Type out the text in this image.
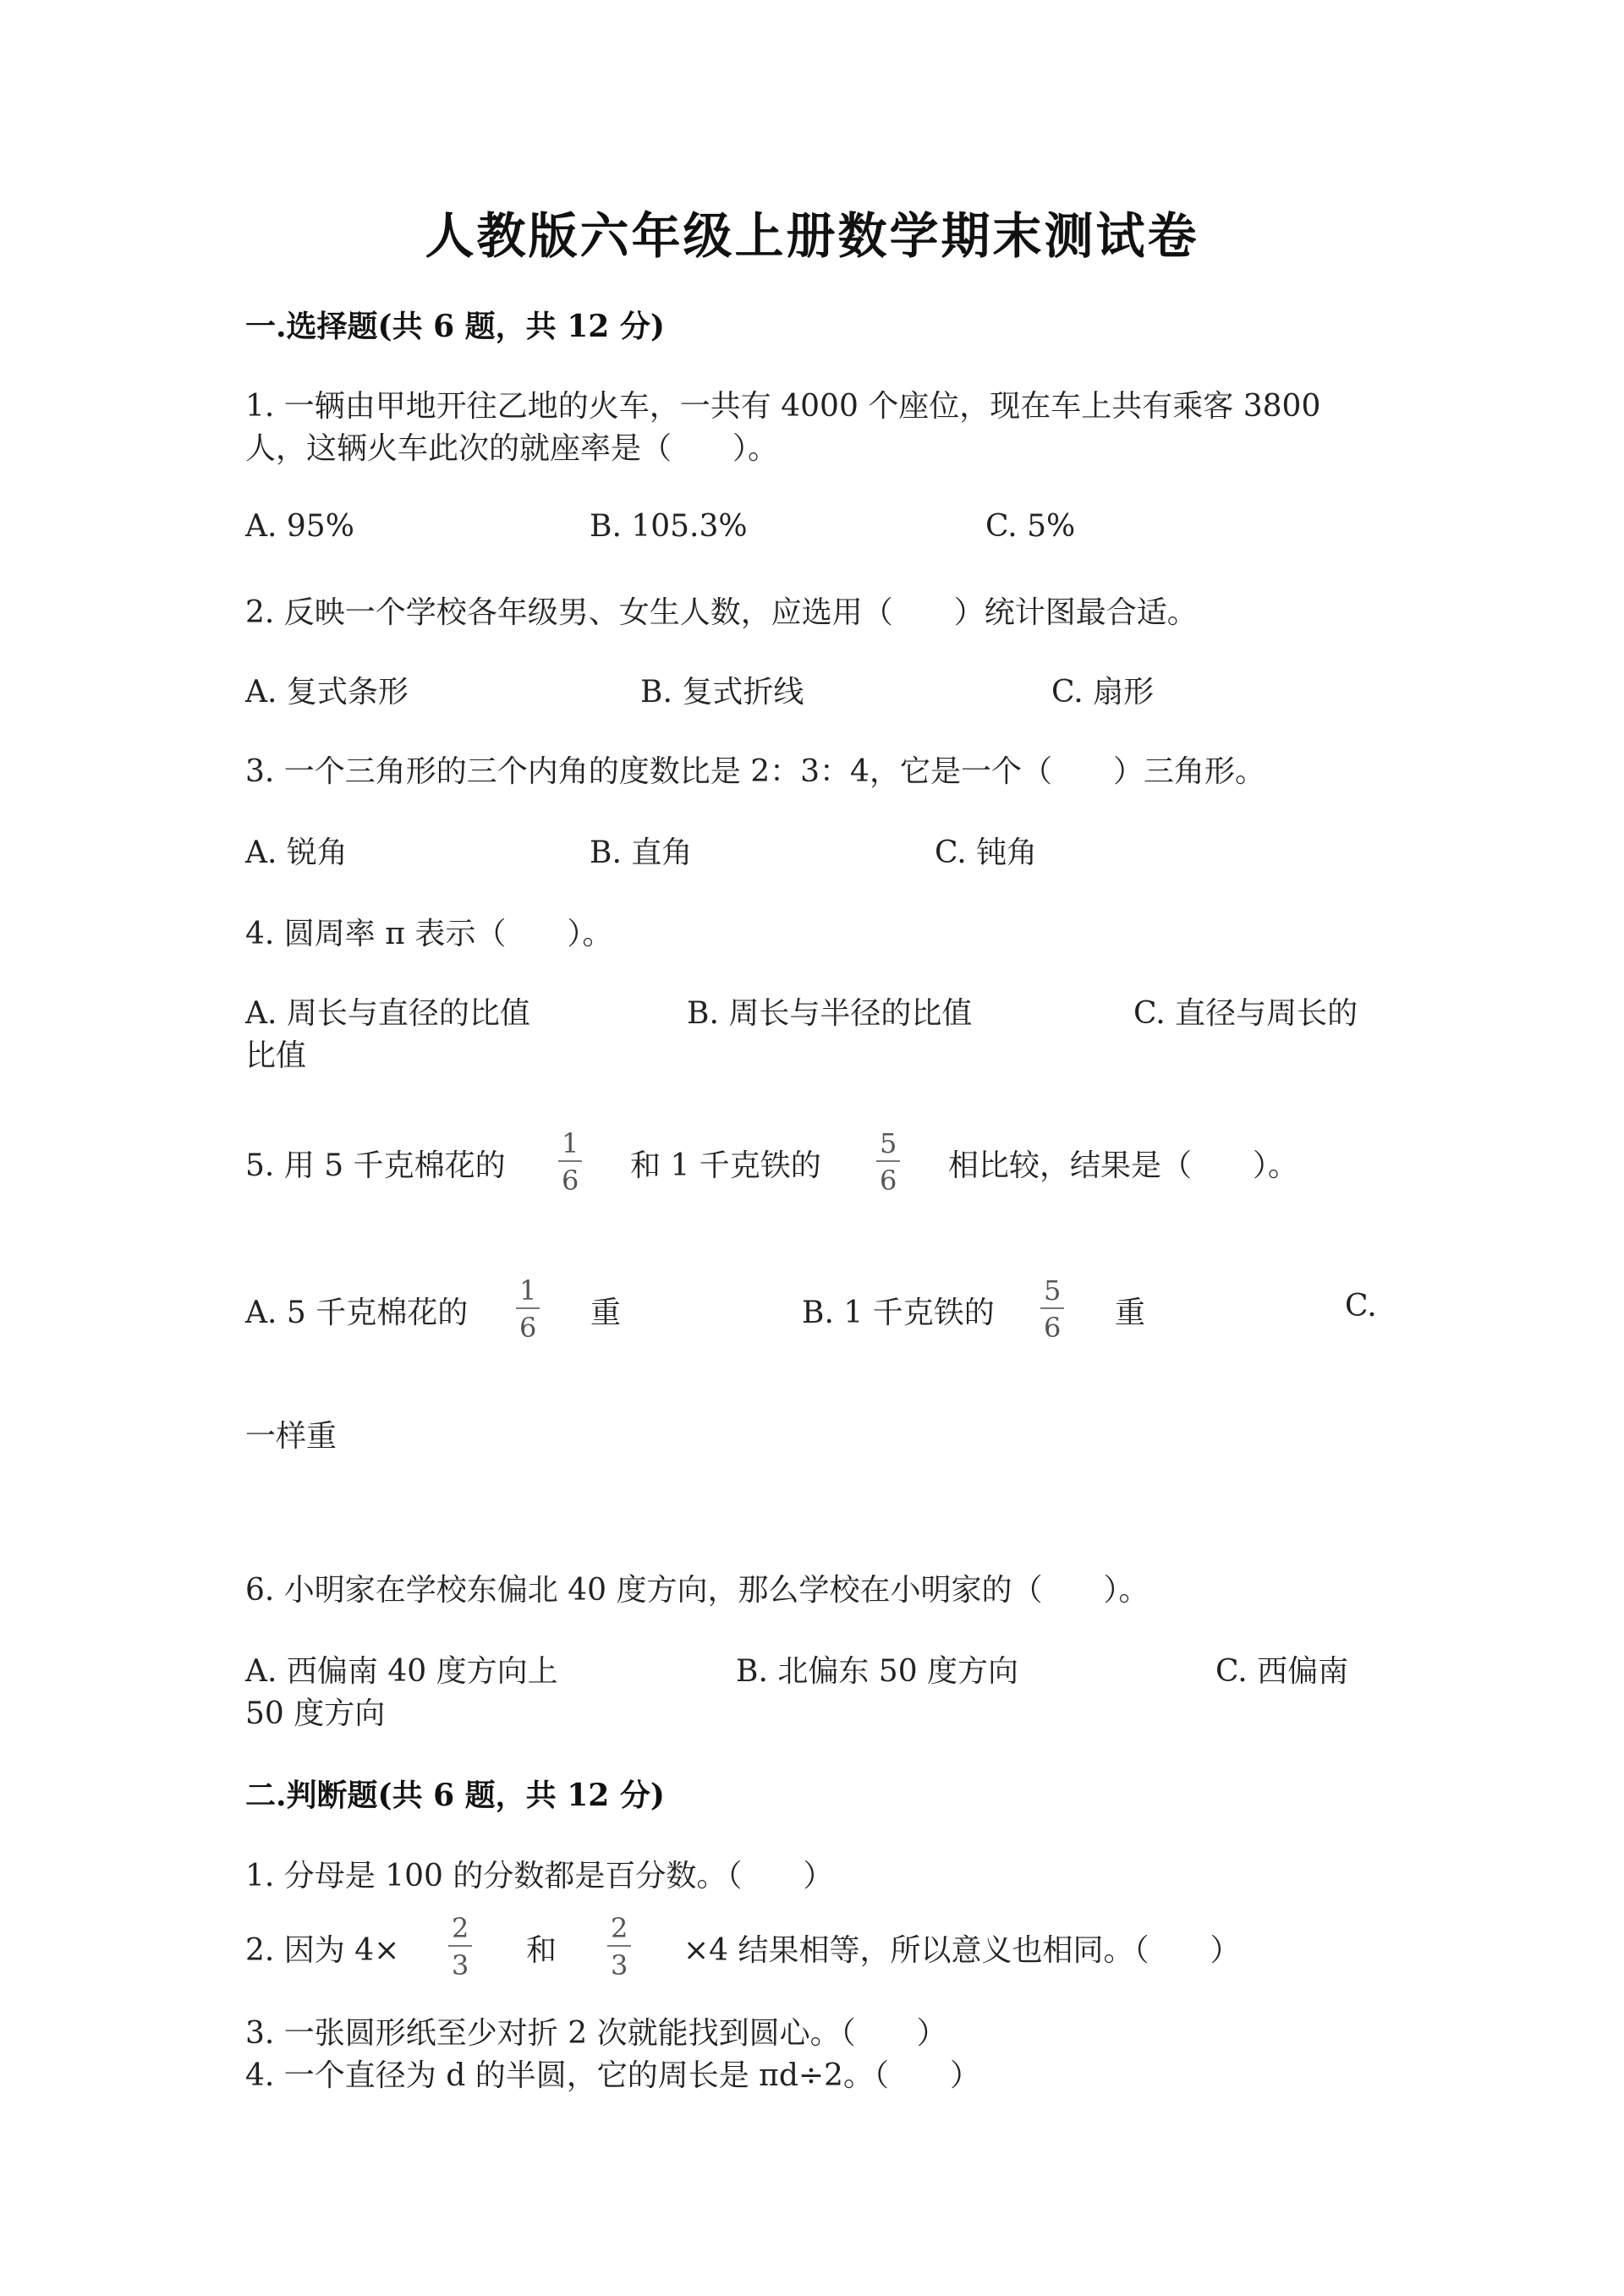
人教版六年级上册数学期末测试卷
一.选择题(共 6 题，共 12 分)
1. 一辆由甲地开往乙地的火车，一共有 4000 个座位，现在车上共有乘客 3800
人，这辆火车此次的就座率是（　　）。
A. 95%	B. 105.3%	C. 5%
2. 反映一个学校各年级男、女生人数，应选用（　　）统计图最合适。
A. 复式条形	B. 复式折线	C. 扇形
3. 一个三角形的三个内角的度数比是 2：3：4，它是一个（　　）三角形。
A. 锐角	B. 直角	C. 钝角
4. 圆周率 π 表示（　　）。
A. 周长与直径的比值	B. 周长与半径的比值	C. 直径与周长的
比值
5. 用 5 千克棉花的
1
6 和 1 千克铁的
5
6 相比较，结果是（　　）。
A. 5 千克棉花的
1
6 重	B. 1 千克铁的
5
6 重	C.
一样重
6. 小明家在学校东偏北 40 度方向，那么学校在小明家的（　　）。
A. 西偏南 40 度方向上	B. 北偏东 50 度方向	C. 西偏南
50 度方向
二.判断题(共 6 题，共 12 分)
1. 分母是 100 的分数都是百分数。（　　）
2. 因为 4×
2
3 和
2
3 ×4 结果相等，所以意义也相同。（　　）
3. 一张圆形纸至少对折 2 次就能找到圆心。（　　）
4. 一个直径为 d 的半圆，它的周长是 πd÷2。（　　）
